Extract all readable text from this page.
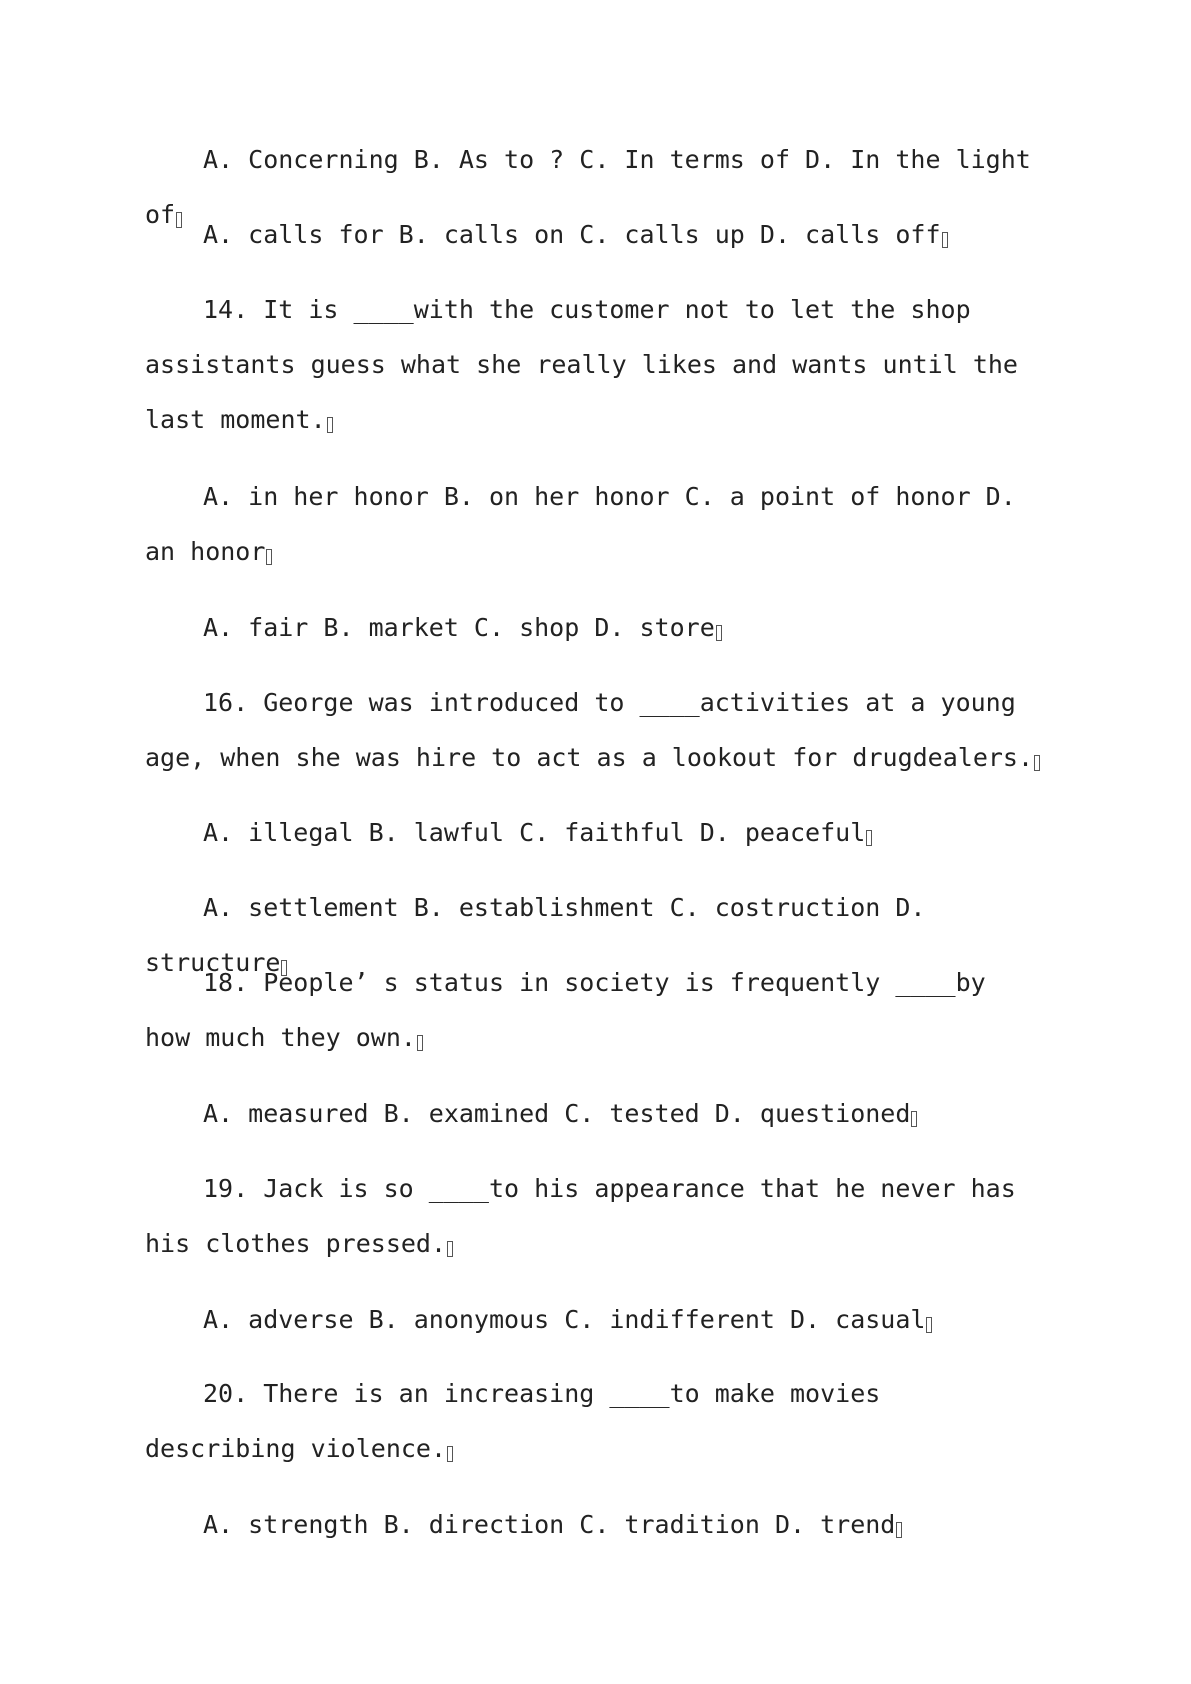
A. Concerning B. As to ? C. In terms of D. In the light of

A. calls for B. calls on C. calls up D. calls off

14. It is ____with the customer not to let the shop assistants guess what she really likes and wants until the last moment.

A. in her honor B. on her honor C. a point of honor D. an honor

A. fair B. market C. shop D. store

16. George was introduced to ____activities at a young age, when she was hire to act as a lookout for drugdealers.

A. illegal B. lawful C. faithful D. peaceful

A. settlement B. establishment C. costruction D. structure

18. People’ s status in society is frequently ____by how much they own.

A. measured B. examined C. tested D. questioned

19. Jack is so ____to his appearance that he never has his clothes pressed.

A. adverse B. anonymous C. indifferent D. casual

20. There is an increasing ____to make movies describing violence.

A. strength B. direction C. tradition D. trend
